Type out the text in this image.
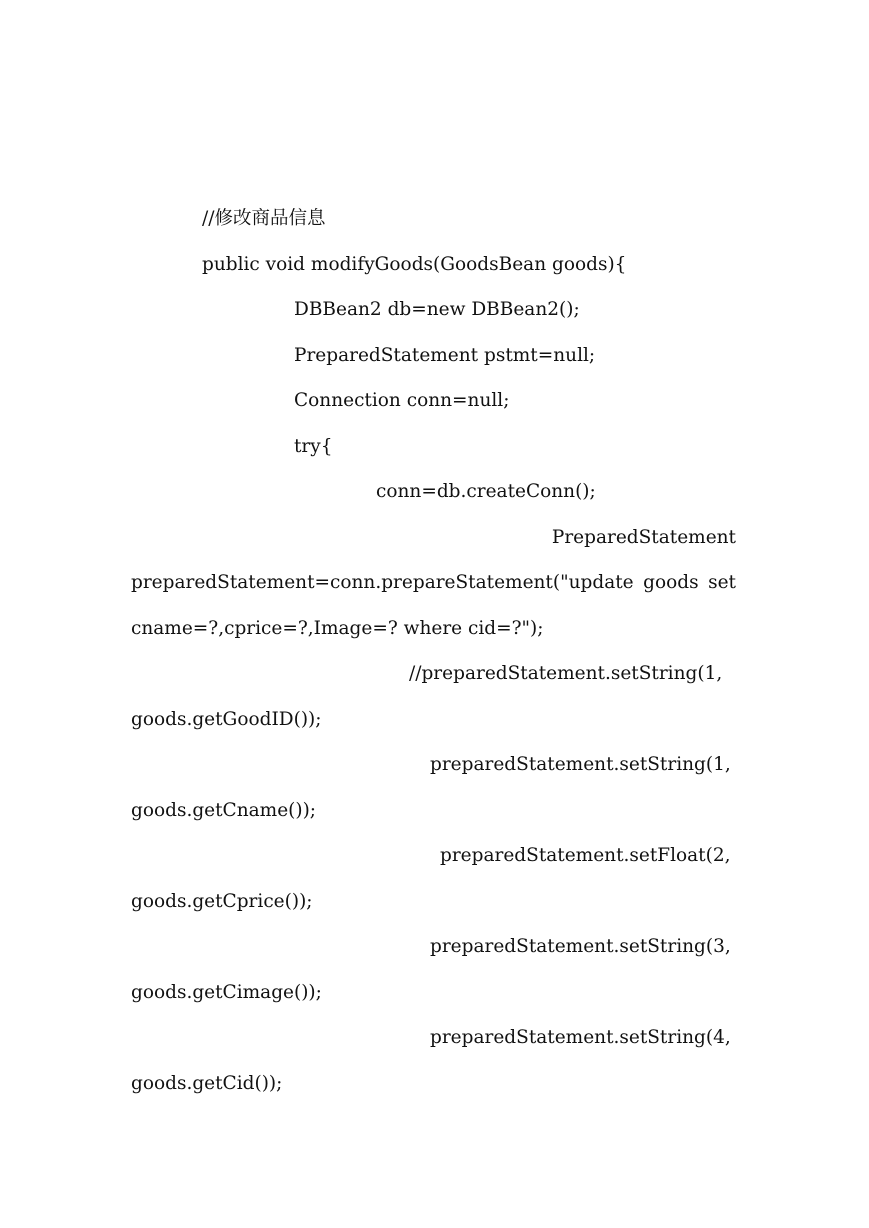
//修改商品信息
public void modifyGoods(GoodsBean goods){
DBBean2 db=new DBBean2();
PreparedStatement pstmt=null;
Connection conn=null;
try{
conn=db.createConn();
PreparedStatement
preparedStatement=conn.prepareStatement("update goods set
cname=?,cprice=?,Image=? where cid=?");
//preparedStatement.setString(1,
goods.getGoodID());
preparedStatement.setString(1,
goods.getCname());
preparedStatement.setFloat(2,
goods.getCprice());
preparedStatement.setString(3,
goods.getCimage());
preparedStatement.setString(4,
goods.getCid());
